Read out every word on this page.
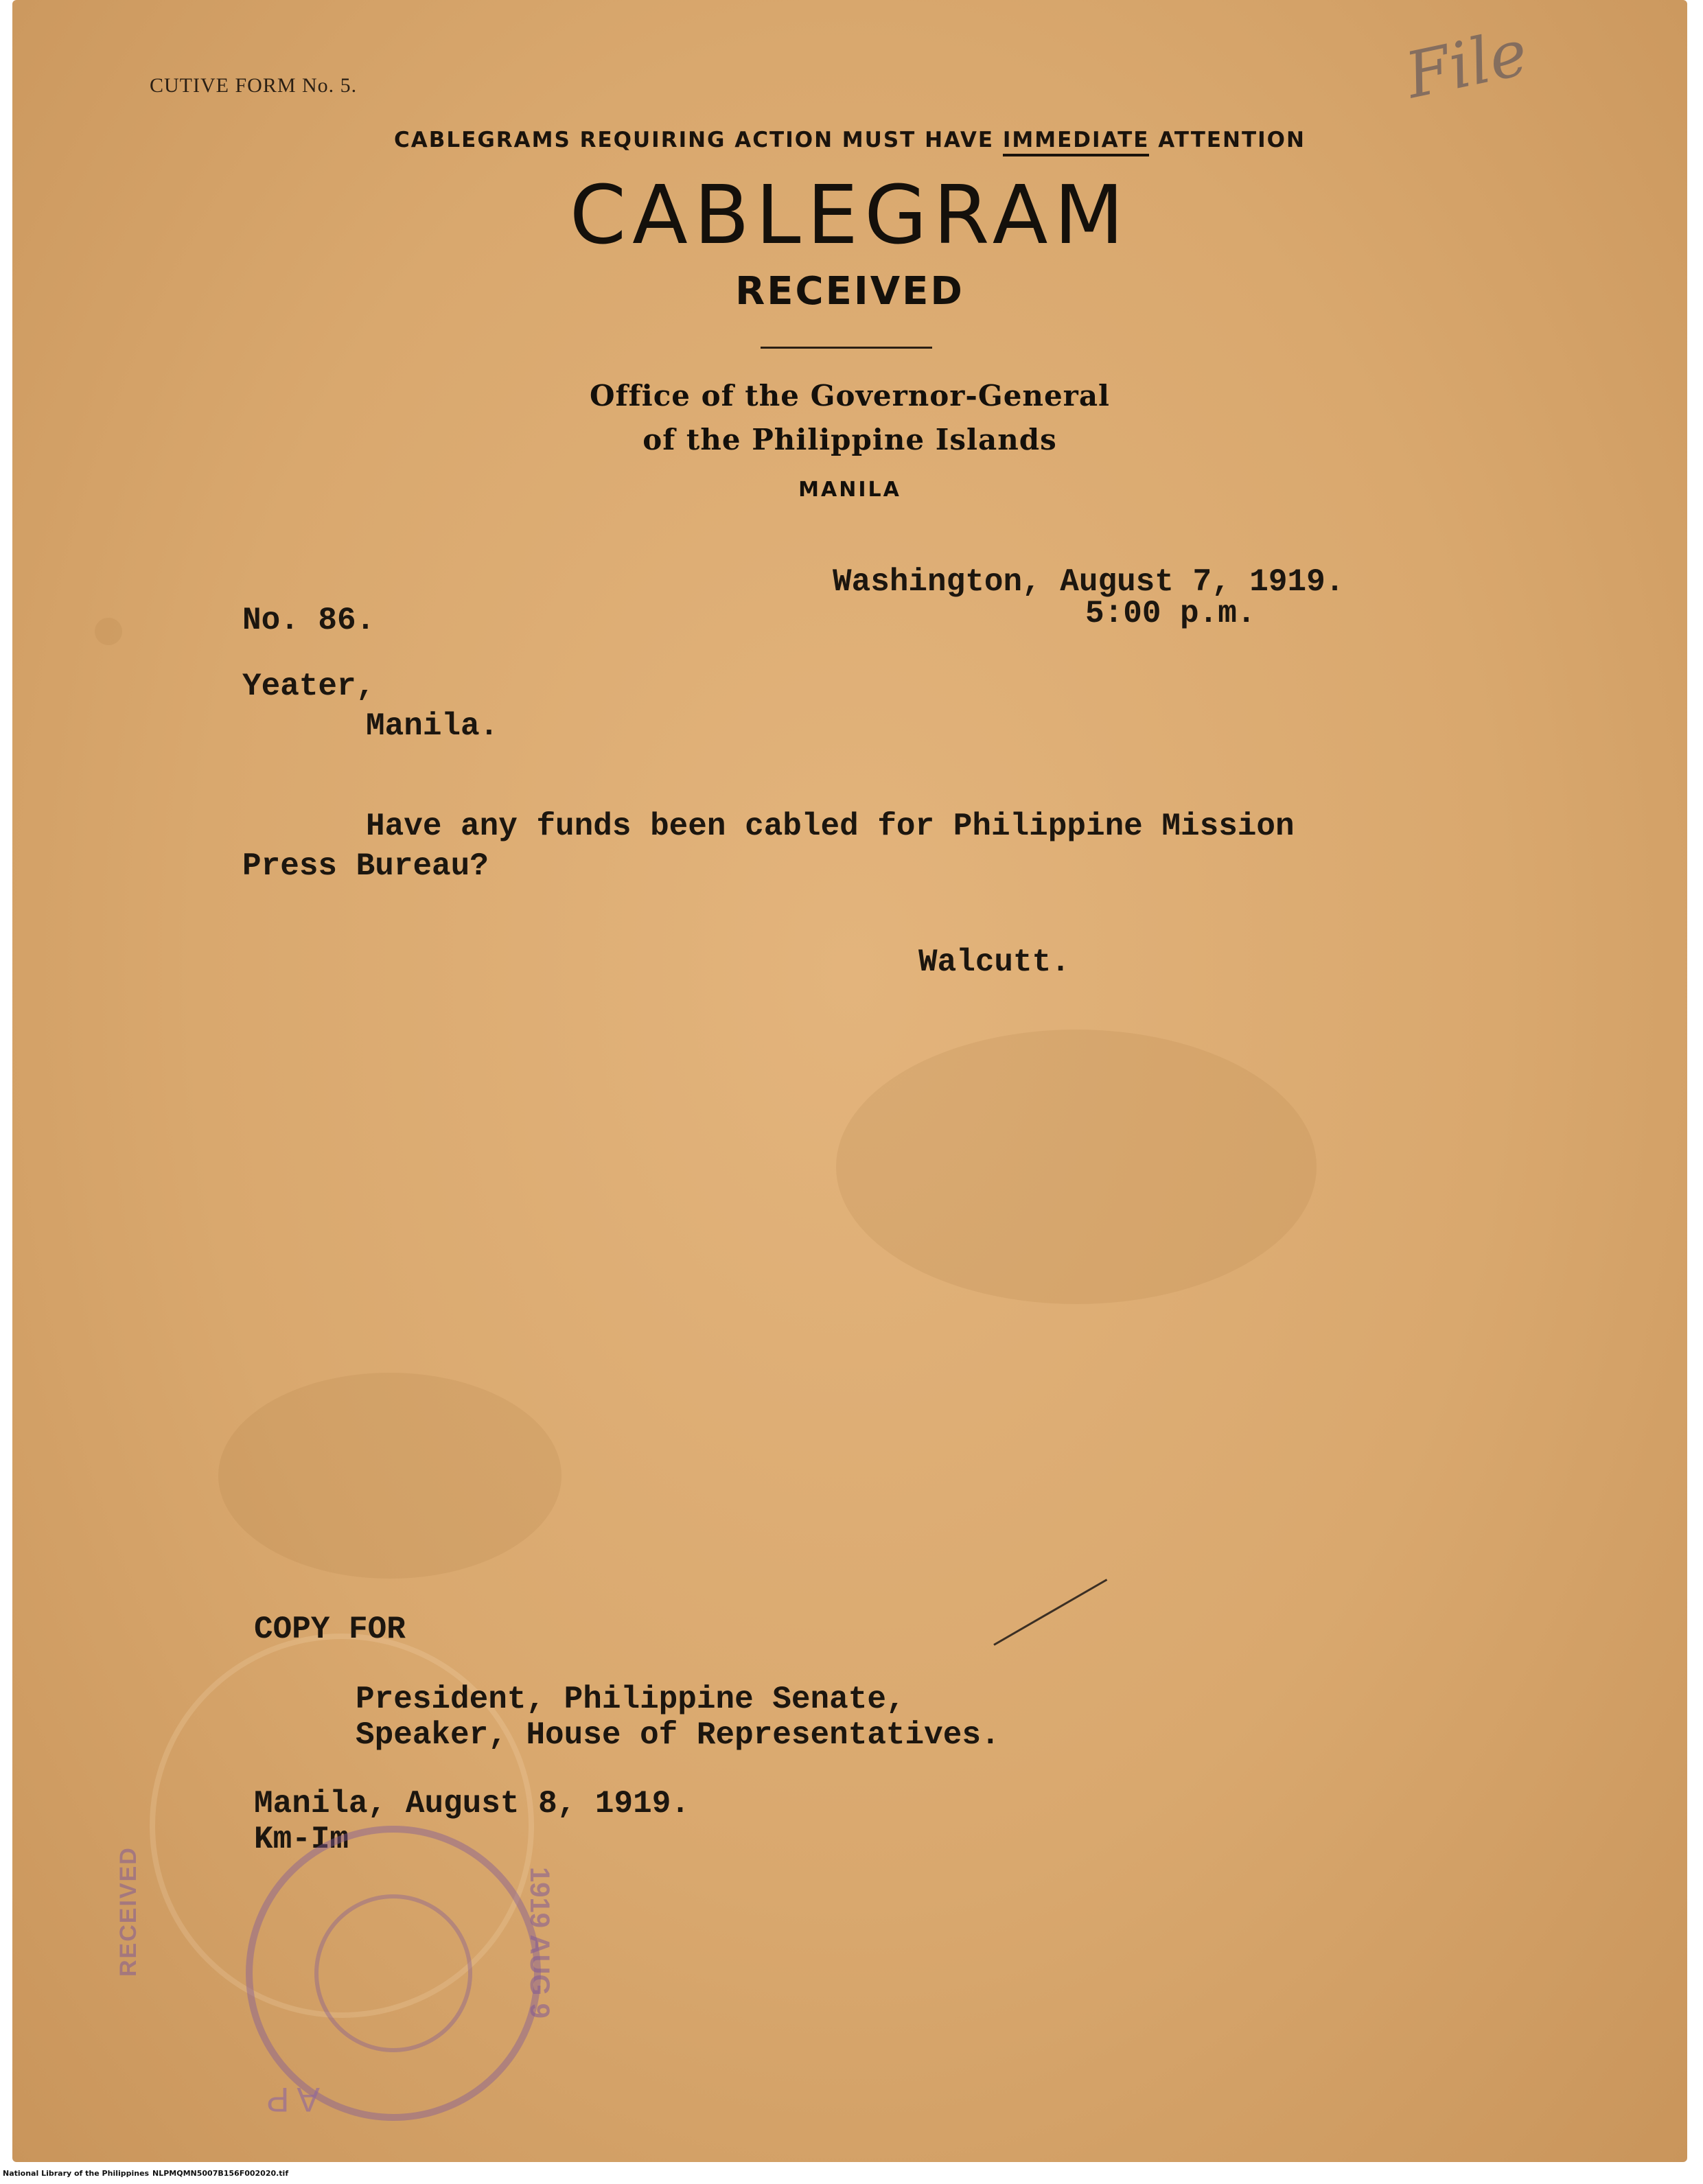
CUTIVE FORM No. 5.	File
CABLEGRAMS REQUIRING ACTION MUST HAVE IMMEDIATE ATTENTION
CABLEGRAM
RECEIVED
Office of the Governor-General
of the Philippine Islands
MANILA
Washington, August 7, 1919.
5:00 p.m.
No. 86.
Yeater,
Manila.
Have any funds been cabled for Philippine Mission
Press Bureau?
Walcutt.
COPY FOR
President, Philippine Senate,
Speaker, House of Representatives.
Manila, August 8, 1919.
Km-Im
RECEIVED	1919 AUG 9
A P
National Library of the Philippines NLPMQMN5007B156F002020.tif
